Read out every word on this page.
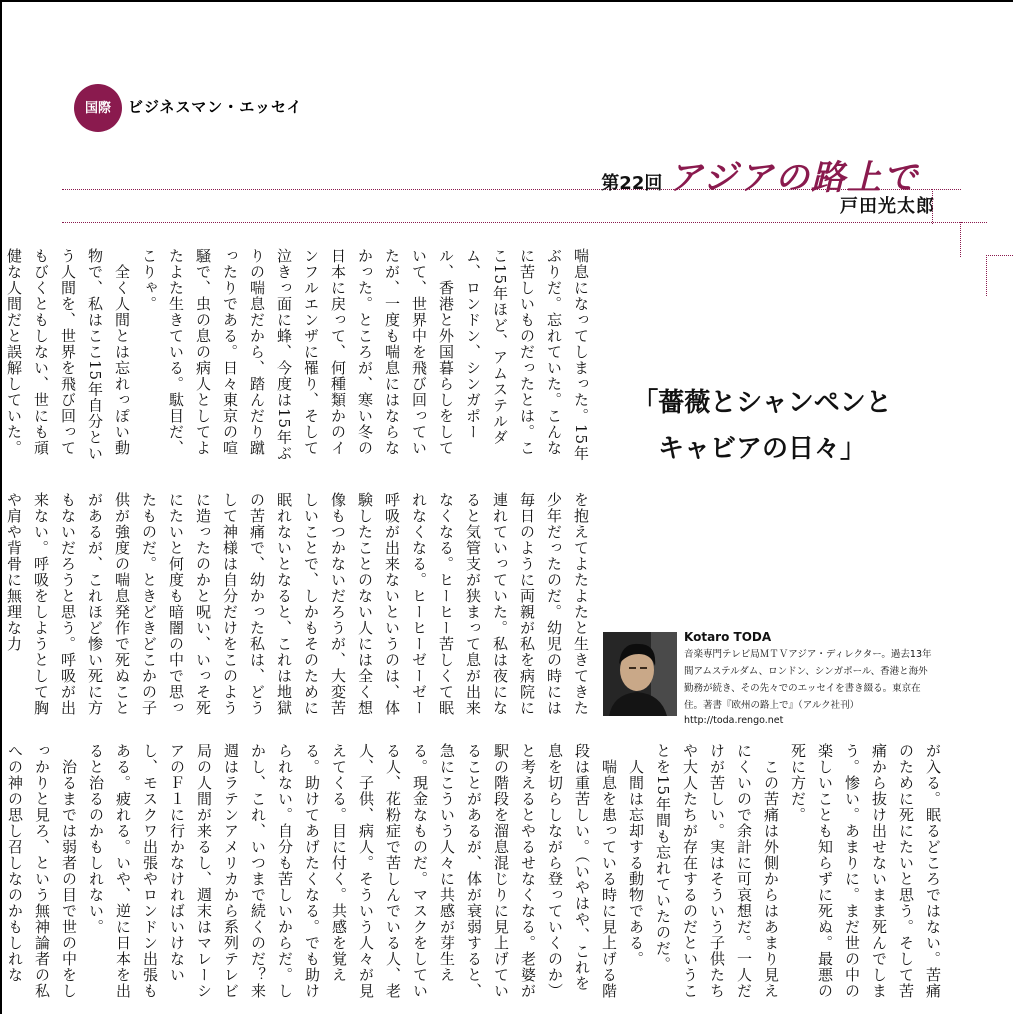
国際 ビジネスマン・エッセイ
第22回 アジアの路上で
戸田光太郎
喘息になってしまった。15年ぶりだ。忘れていた。こんなに苦しいものだったとは。ここ15年ほど、アムステルダム、ロンドン、シンガポール、香港と外国暮らしをしていて、世界中を飛び回っていたが、一度も喘息にはならなかった。ところが、寒い冬の日本に戻って、何種類かのインフルエンザに罹り、そして泣きっ面に蜂、今度は15年ぶりの喘息だから、踏んだり蹴ったりである。日々東京の喧騒で、虫の息の病人としてよたよた生きている。駄目だ、こりゃ。
　全く人間とは忘れっぽい動物で、私はここ15年自分という人間を、世界を飛び回ってもびくともしない、世にも頑健な人間だと誤解していた。

を抱えてよたよたと生きてきた少年だったのだ。幼児の時には毎日のように両親が私を病院に連れていっていた。私は夜になると気管支が狭まって息が出来なくなる。ヒーヒー苦しくて眠れなくなる。ヒーヒーゼーゼー呼吸が出来ないというのは、体験したことのない人には全く想像もつかないだろうが、大変苦しいことで、しかもそのために眠れないとなると、これは地獄の苦痛で、幼かった私は、どうして神様は自分だけをこのように造ったのかと呪い、いっそ死にたいと何度も暗闇の中で思ったものだ。ときどきどこかの子供が強度の喘息発作で死ぬことがあるが、これほど惨い死に方もないだろうと思う。呼吸が出来ない。呼吸をしようとして胸や肩や背骨に無理な力
「薔薇とシャンペンと
キャビアの日々」
Kotaro TODA
音楽専門テレビ局ＭＴＶアジア・ディレクター。過去13年間アムステルダム、ロンドン、シンガポール、香港と海外勤務が続き、その先々でのエッセイを書き綴る。東京在住。著書『欧州の路上で』（アルク社刊）
http://toda.rengo.net
が入る。眠るどころではない。苦痛のために死にたいと思う。そして苦痛から抜け出せないまま死んでしまう。惨い。あまりに。まだ世の中の楽しいことも知らずに死ぬ。最悪の死に方だ。
　この苦痛は外側からはあまり見えにくいので余計に可哀想だ。一人だけが苦しい。実はそういう子供たちや大人たちが存在するのだということを15年間も忘れていたのだ。
　人間は忘却する動物である。
　喘息を患っている時に見上げる階段は重苦しい。（いやはや、これを息を切らしながら登っていくのか）と考えるとやるせなくなる。老婆が駅の階段を溜息混じりに見上げていることがあるが、体が衰弱すると、急にこういう人々に共感が芽生える。現金なものだ。マスクをしている人、花粉症で苦しんでいる人、老人、子供、病人。そういう人々が見えてくる。目に付く。共感を覚える。助けてあげたくなる。でも助けられない。自分も苦しいからだ。しかし、これ、いつまで続くのだ？来週はラテンアメリカから系列テレビ局の人間が来るし、週末はマレーシアのＦ１に行かなければいけないし、モスクワ出張やロンドン出張もある。疲れる。いや、逆に日本を出ると治るのかもしれない。
　治るまでは弱者の目で世の中をしっかりと見ろ、という無神論者の私への神の思し召しなのかもしれな
